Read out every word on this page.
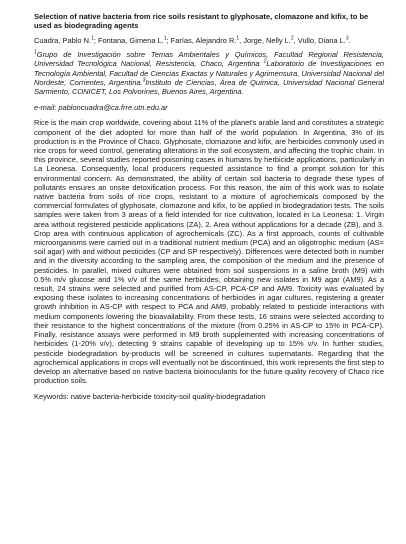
Selection of native bacteria from rice soils resistant to glyphosate, clomazone and kifix, to be used as biodegrading agents

Cuadra, Pablo N.$^1$; Fontana, Gimena L.$^1$; Farías, Alejandro R.$^1$, Jorge, Nelly L.$^2$, Vullo, Diana L.$^3$.

$^1$Grupo de Investigación sobre Temas Ambientales y Químicos, Facultad Regional Resistencia, Universidad Tecnológica Nacional, Resistencia, Chaco, Argentina $^2$Laboratorio de Investigaciones en Tecnología Ambiental, Facultad de Ciencias Exactas y Naturales y Agrimensura, Universidad Nacional del Nordeste, Corrientes, Argentina.$^3$Instituto de Ciencias, Área de Química, Universidad Nacional General Sarmiento, CONICET, Los Polvorines, Buenos Aires, Argentina.

e-mail: pabloncuadra@ca.frre.utn.edu.ar

Rice is the main crop worldwide, covering about 11% of the planet's arable land and constitutes a strategic component of the diet adopted for more than half of the world population. In Argentina, 3% of its production is in the Province of Chaco. Glyphosate, clomazone and kifix, are herbicides commonly used in rice crops for weed control, generating alterations in the soil ecosystem, and affecting the trophic chain. In this province, several studies reported poisoning cases in humans by herbicide applications, particularly in La Leonesa. Consequently, local producers requested assistance to find a prompt solution for this environmental concern. As demonstrated, the ability of certain soil bacteria to degrade these types of pollutants ensures an onsite detoxification process. For this reason, the aim of this work was to isolate native bacteria from soils of rice crops, resistant to a mixture of agrochemicals composed by the commercial formulates of glyphosate, clomazone and kifix, to be applied in biodegradation tests. The soils samples were taken from 3 areas of a field intended for rice cultivation, located in La Leonesa: 1. Virgin area without registered pesticide applications (ZA), 2. Area without applications for a decade (ZB), and 3. Crop area with continuous application of agrochemicals (ZC). As a first approach, counts of cultivable microorganisms were carried out in a traditional nutrient medium (PCA) and an oligotrophic medium (AS= soil agar) with and without pesticides (CP and SP respectively). Differences were detected both in number and in the diversity according to the sampling area, the composition of the medium and the presence of pesticides. In parallel, mixed cultures were obtained from soil suspensions in a saline broth (M9) with 0.5% m/v glucose and 1% v/v of the same herbicides, obtaining new isolates in M9 agar (AM9). As a result, 24 strains were selected and purified from AS-CP, PCA-CP and AM9. Toxicity was evaluated by exposing these isolates to increasing concentrations of herbicides in agar cultures, registering a greater growth inhibition in AS-CP with respect to PCA and AM9, probably related to pesticide interactions with medium components lowering the bioavailability. From these tests, 16 strains were selected according to their resistance to the highest concentrations of the mixture (from 0.25% in AS-CP to 15% in PCA-CP). Finally, resistance assays were performed in M9 broth supplemented with increasing concentrations of herbicides (1-20% v/v), detecting 9 strains capable of developing up to 15% v/v. In further studies, pesticide biodegradation by-products will be screened in cultures supernatants. Regarding that the agrochemical applications in crops will eventually not be discontinued, this work represents the first step to develop an alternative based on native bacteria bioinoculants for the future quality recovery of Chaco rice production soils.

Keywords: native bacteria-herbicide toxicity-soil quality-biodegradation
